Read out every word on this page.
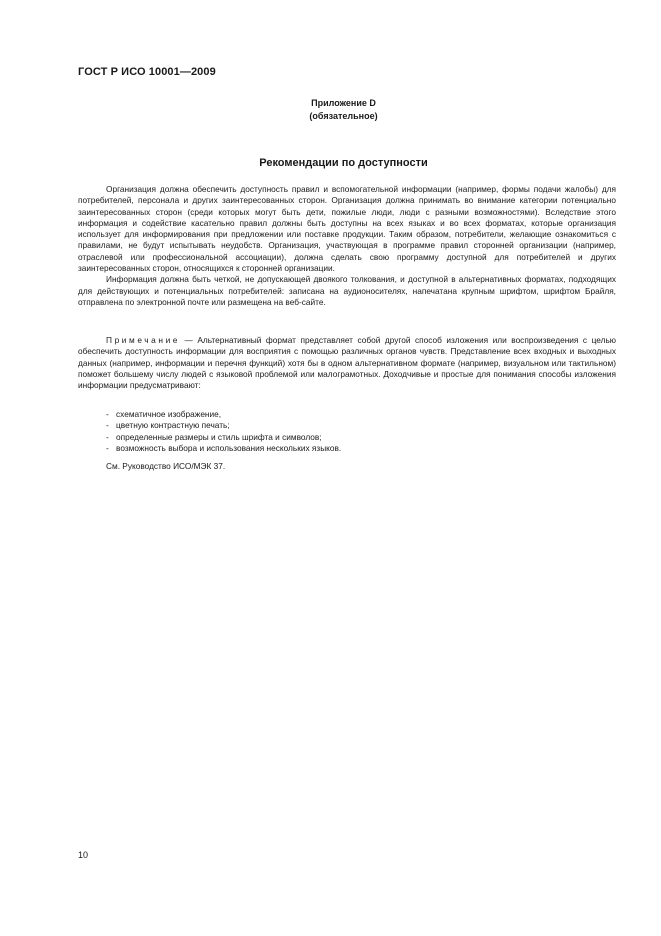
ГОСТ Р ИСО 10001—2009
Приложение D
(обязательное)
Рекомендации по доступности

Организация должна обеспечить доступность правил и вспомогательной информации (например, формы подачи жалобы) для потребителей, персонала и других заинтересованных сторон. Организация должна принимать во внимание категории потенциально заинтересованных сторон (среди которых могут быть дети, пожилые люди, люди с разными возможностями). Вследствие этого информация и содействие касательно правил должны быть доступны на всех языках и во всех форматах, которые организация использует для информирования при предложении или поставке продукции. Таким образом, потребители, желающие ознакомиться с правилами, не будут испытывать неудобств. Организация, участвующая в программе правил сторонней организации (например, отраслевой или профессиональной ассоциации), должна сделать свою программу доступной для потребителей и других заинтересованных сторон, относящихся к сторонней организации.

Информация должна быть четкой, не допускающей двоякого толкования, и доступной в альтернативных форматах, подходящих для действующих и потенциальных потребителей: записана на аудионосителях, напечатана крупным шрифтом, шрифтом Брайля, отправлена по электронной почте или размещена на веб-сайте.

Примечание — Альтернативный формат представляет собой другой способ изложения или воспроизведения с целью обеспечить доступность информации для восприятия с помощью различных органов чувств. Представление всех входных и выходных данных (например, информации и перечня функций) хотя бы в одном альтернативном формате (например, визуальном или тактильном) поможет большему числу людей с языковой проблемой или малограмотных. Доходчивые и простые для понимания способы изложения информации предусматривают:

- схематичное изображение,
- цветную контрастную печать;
- определенные размеры и стиль шрифта и символов;
- возможность выбора и использования нескольких языков.
См. Руководство ИСО/МЭК 37.
10
